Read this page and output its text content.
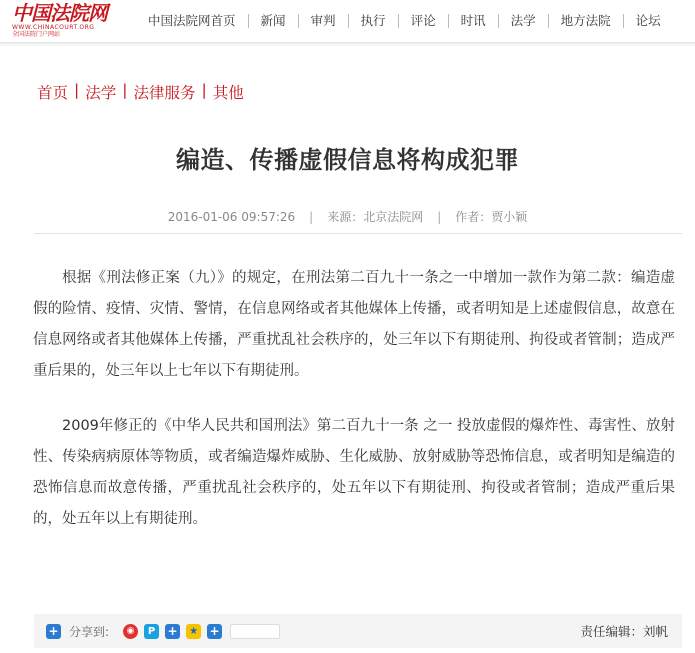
中国法院网
WWW.CHINACOURT.ORG
全国法院门户网站
中国法院网首页	新闻	审判	执行	评论	时讯	法学	地方法院	论坛
首页 | 法学 | 法律服务 | 其他
编造、传播虚假信息将构成犯罪
2016-01-06 09:57:26 | 来源：北京法院网 | 作者：贾小颖

根据《刑法修正案（九）》的规定，在刑法第二百九十一条之一中增加一款作为第二款：编造虚假的险情、疫情、灾情、警情，在信息网络或者其他媒体上传播，或者明知是上述虚假信息，故意在信息网络或者其他媒体上传播，严重扰乱社会秩序的，处三年以下有期徒刑、拘役或者管制；造成严重后果的，处三年以上七年以下有期徒刑。

2009年修正的《中华人民共和国刑法》第二百九十一条 之一 投放虚假的爆炸性、毒害性、放射性、传染病病原体等物质，或者编造爆炸威胁、生化威胁、放射威胁等恐怖信息，或者明知是编造的恐怖信息而故意传播，严重扰乱社会秩序的，处五年以下有期徒刑、拘役或者管制；造成严重后果的，处五年以上有期徒刑。

+ 分享到:	◉	P	+	★ +	责任编辑：刘帆
